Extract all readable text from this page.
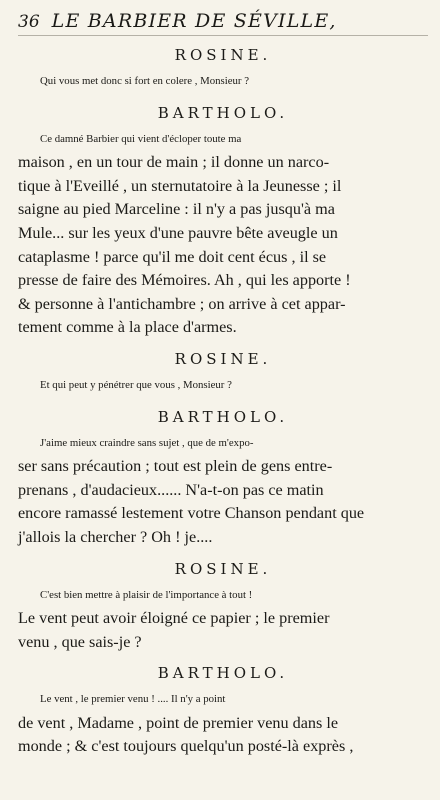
36 LE BARBIER DE SÉVILLE,
ROSINE.
Qui vous met donc si fort en colere , Monsieur ?
BARTHOLO.
Ce damné Barbier qui vient d'écloper toute ma
maison , en un tour de main ; il donne un narco-
tique à l'Eveillé , un sternutatoire à la Jeunesse ; il
saigne au pied Marceline : il n'y a pas jusqu'à ma
Mule... sur les yeux d'une pauvre bête aveugle un
cataplasme ! parce qu'il me doit cent écus , il se
presse de faire des Mémoires. Ah , qui les apporte !
& personne à l'antichambre ; on arrive à cet appar-
tement comme à la place d'armes.
ROSINE.
Et qui peut y pénétrer que vous , Monsieur ?
BARTHOLO.
J'aime mieux craindre sans sujet , que de m'expo-
ser sans précaution ; tout est plein de gens entre-
prenans , d'audacieux...... N'a-t-on pas ce matin
encore ramassé lestement votre Chanson pendant que
j'allois la chercher ? Oh ! je....
ROSINE.
C'est bien mettre à plaisir de l'importance à tout !
Le vent peut avoir éloigné ce papier ; le premier
venu , que sais-je ?
BARTHOLO.
Le vent , le premier venu ! .... Il n'y a point
de vent , Madame , point de premier venu dans le
monde ; & c'est toujours quelqu'un posté-là exprès ,
